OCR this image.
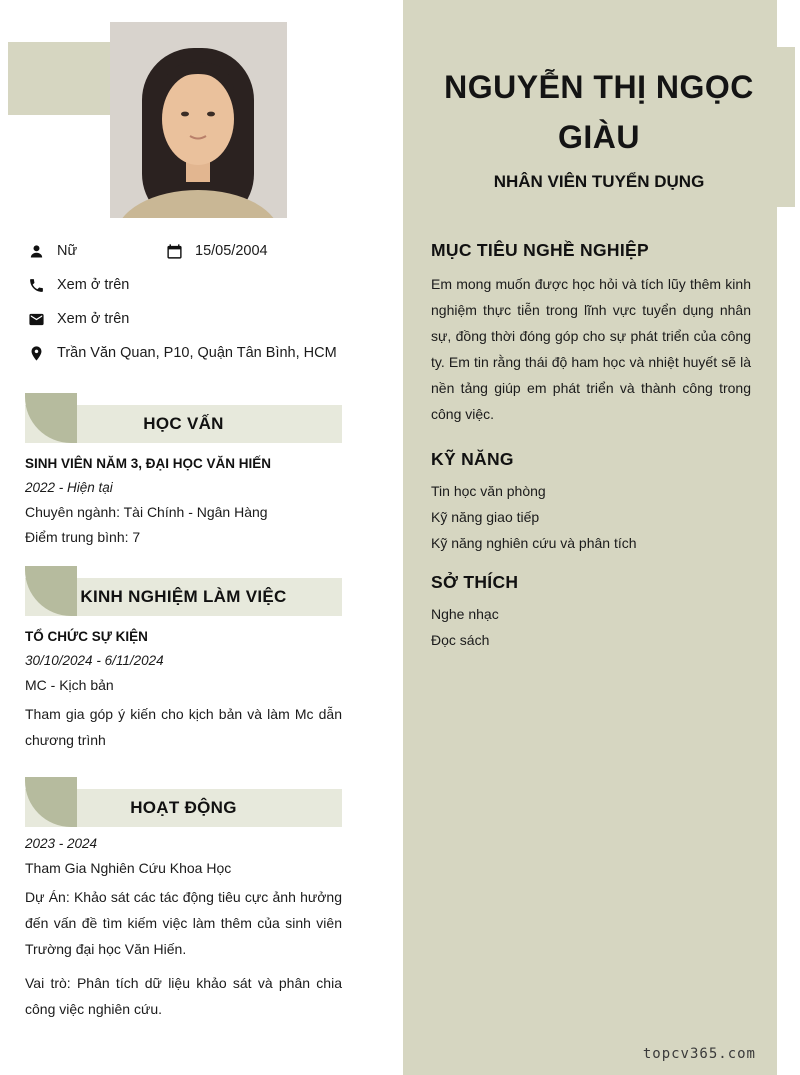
NGUYỄN THỊ NGỌC GIÀU
NHÂN VIÊN TUYỂN DỤNG
Nữ	15/05/2004
Xem ở trên
Xem ở trên
Trần Văn Quan, P10, Quận Tân Bình, HCM
HỌC VẤN
SINH VIÊN NĂM 3, ĐẠI HỌC VĂN HIẾN
2022 - Hiện tại
Chuyên ngành: Tài Chính - Ngân Hàng
Điểm trung bình: 7
KINH NGHIỆM LÀM VIỆC
TỔ CHỨC SỰ KIỆN
30/10/2024 - 6/11/2024
MC - Kịch bản
Tham gia góp ý kiến cho kịch bản và làm Mc dẫn chương trình
HOẠT ĐỘNG
2023 - 2024
Tham Gia Nghiên Cứu Khoa Học
Dự Án: Khảo sát các tác động tiêu cực ảnh hưởng đến vấn đề tìm kiếm việc làm thêm của sinh viên Trường đại học Văn Hiến.
Vai trò: Phân tích dữ liệu khảo sát và phân chia công việc nghiên cứu.
MỤC TIÊU NGHỀ NGHIỆP
Em mong muốn được học hỏi và tích lũy thêm kinh nghiệm thực tiễn trong lĩnh vực tuyển dụng nhân sự, đồng thời đóng góp cho sự phát triển của công ty. Em tin rằng thái độ ham học và nhiệt huyết sẽ là nền tảng giúp em phát triển và thành công trong công việc.
KỸ NĂNG
Tin học văn phòng
Kỹ năng giao tiếp
Kỹ năng nghiên cứu và phân tích
SỞ THÍCH
Nghe nhạc
Đọc sách
topcv365.com
